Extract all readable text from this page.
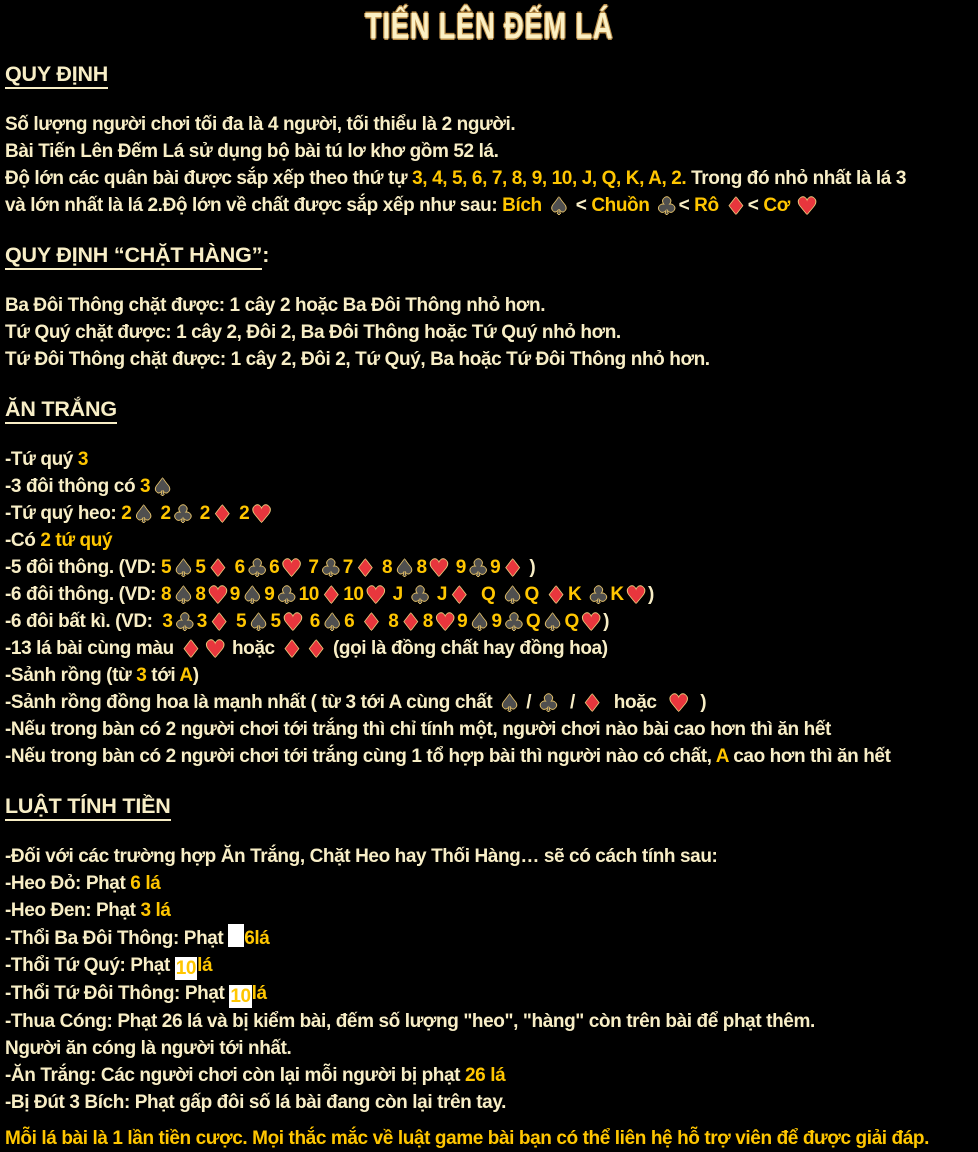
TIẾN LÊN ĐẾM LÁ
QUY ĐỊNH

Số lượng người chơi tối đa là 4 người, tối thiểu là 2 người.

Bài Tiến Lên Đếm Lá sử dụng bộ bài tú lơ khơ gồm 52 lá.

Độ lớn các quân bài được sắp xếp theo thứ tự 3, 4, 5, 6, 7, 8, 9, 10, J, Q, K, A, 2. Trong đó nhỏ nhất là lá 3

và lớn nhất là lá 2.Độ lớn về chất được sắp xếp như sau: Bích ♠ < Chuồn ♣ < Rô ♦ < Cơ ♥

QUY ĐỊNH “CHẶT HÀNG”:

Ba Đôi Thông chặt được: 1 cây 2 hoặc Ba Đôi Thông nhỏ hơn.

Tứ Quý chặt được: 1 cây 2, Đôi 2, Ba Đôi Thông hoặc Tứ Quý nhỏ hơn.

Tứ Đôi Thông chặt được: 1 cây 2, Đôi 2, Tứ Quý, Ba hoặc Tứ Đôi Thông nhỏ hơn.

ĂN TRẮNG

-Tứ quý 3

-3 đôi thông có 3♠

-Tứ quý heo: 2♠ 2♣ 2♦ 2♥

-Có 2 tứ quý

-5 đôi thông. (VD: 5♠ 5♦ 6♣ 6♥ 7♣ 7♦ 8♠ 8♥ 9♣ 9♦ )

-6 đôi thông. (VD: 8♠ 8♥ 9♠ 9♣ 10♦ 10♥ J ♣ J♦  Q ♠ Q ♦ K ♣ K♥ )

-6 đôi bất kì. (VD:  3♣ 3♦ 5♠ 5♥ 6♠ 6 ♦ 8♦ 8♥ 9♠ 9♣ Q♠ Q♥ )

-13 lá bài cùng màu ♦ ♥ hoặc ♦ ♦ (gọi là đồng chất hay đồng hoa)

-Sảnh rồng (từ 3 tới A)

-Sảnh rồng đồng hoa là mạnh nhất ( từ 3 tới A cùng chất ♠ / ♣  / ♦  hoặc  ♥  )

-Nếu trong bàn có 2 người chơi tới trắng thì chỉ tính một, người chơi nào bài cao hơn thì ăn hết

-Nếu trong bàn có 2 người chơi tới trắng cùng 1 tổ hợp bài thì người nào có chất, A cao hơn thì ăn hết

LUẬT TÍNH TIỀN

-Đối với các trường hợp Ăn Trắng, Chặt Heo hay Thối Hàng… sẽ có cách tính sau:

-Heo Đỏ: Phạt 6 lá

-Heo Đen: Phạt 3 lá

-Thổi Ba Đôi Thông: Phạt 6lá

-Thổi Tứ Quý: Phạt 10lá

-Thổi Tứ Đôi Thông: Phạt 10lá

-Thua Cóng: Phạt 26 lá và bị kiểm bài, đếm số lượng "heo", "hàng" còn trên bài để phạt thêm.

Người ăn cóng là người tới nhất.

-Ăn Trắng: Các người chơi còn lại mỗi người bị phạt 26 lá

-Bị Đút 3 Bích: Phạt gấp đôi số lá bài đang còn lại trên tay.

Mỗi lá bài là 1 lần tiền cược. Mọi thắc mắc về luật game bài bạn có thể liên hệ hỗ trợ viên để được giải đáp.
